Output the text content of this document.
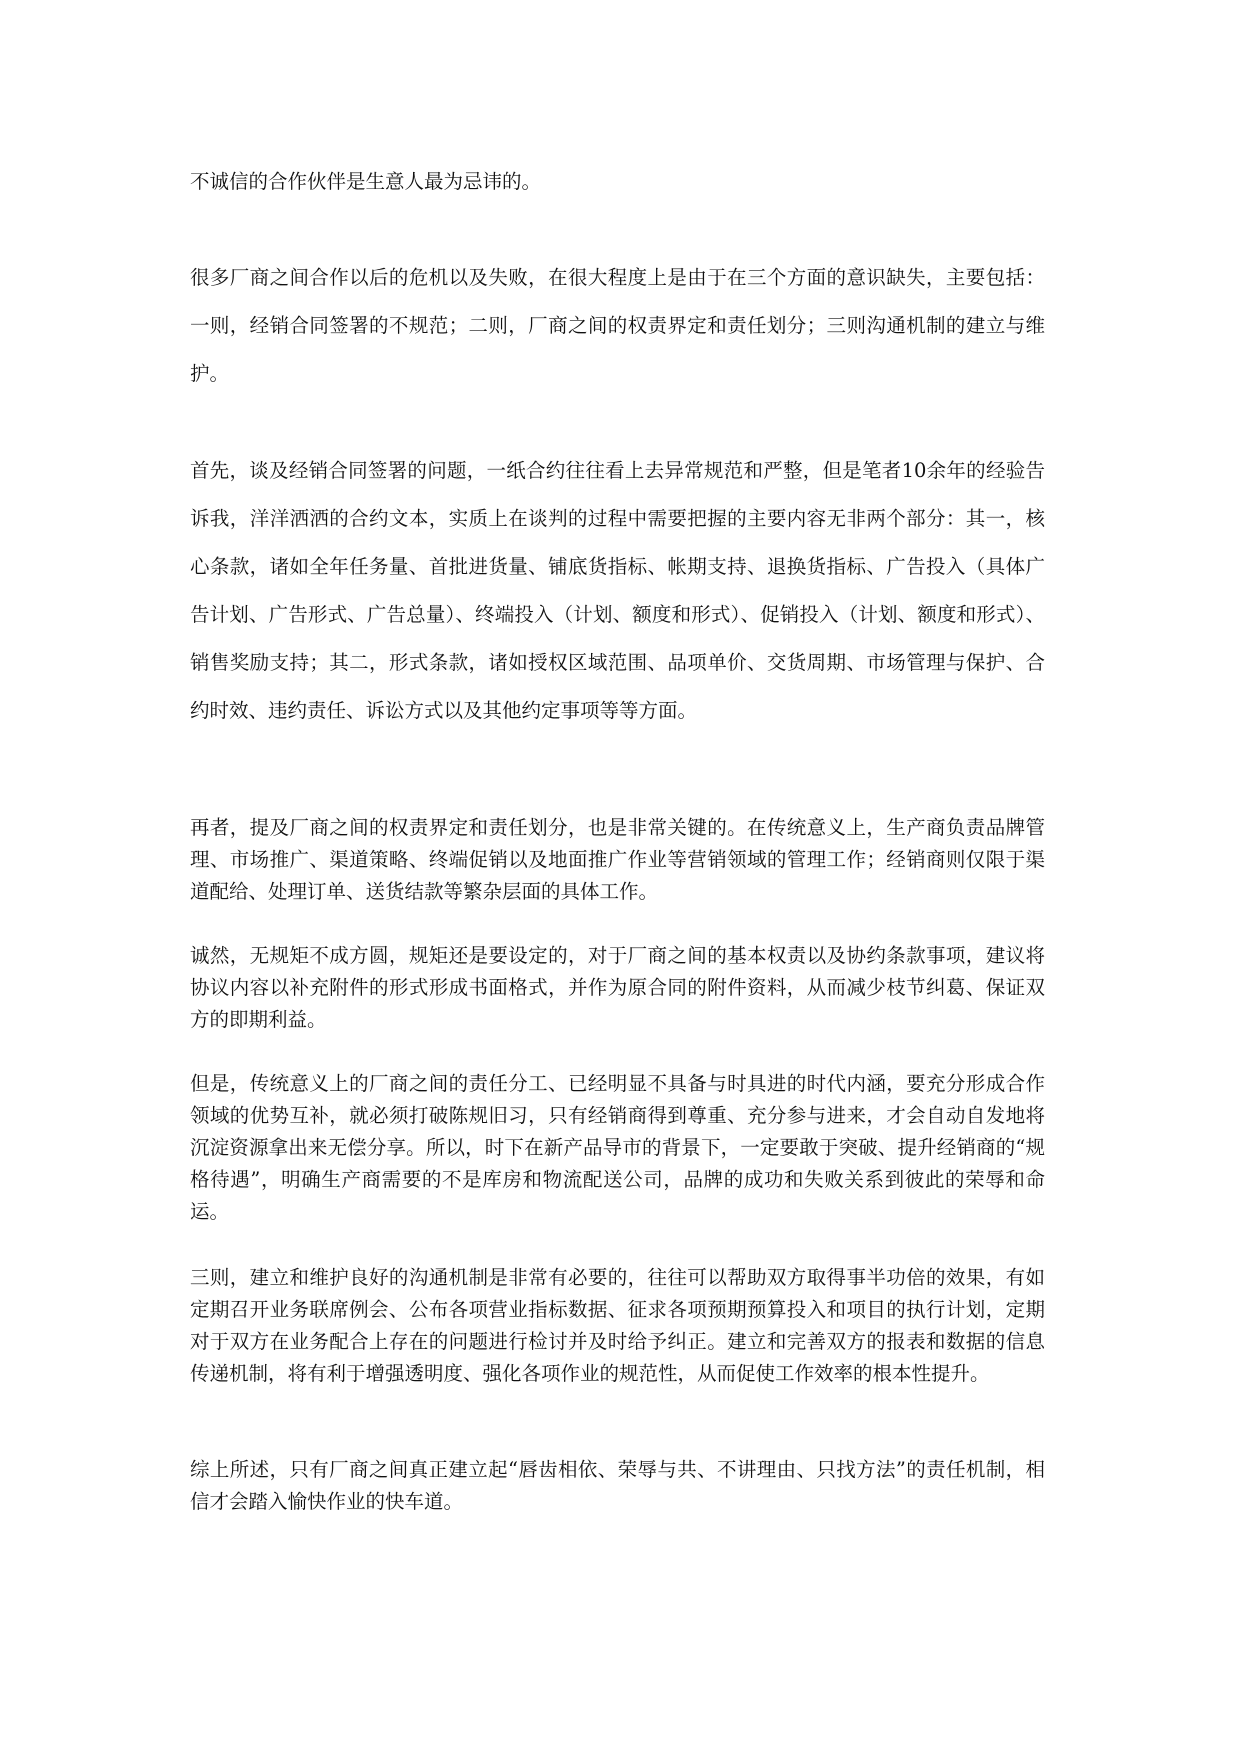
不诚信的合作伙伴是生意人最为忌讳的。

很多厂商之间合作以后的危机以及失败，在很大程度上是由于在三个方面的意识缺失，主要包括：一则，经销合同签署的不规范；二则，厂商之间的权责界定和责任划分；三则沟通机制的建立与维护。

首先，谈及经销合同签署的问题，一纸合约往往看上去异常规范和严整，但是笔者10余年的经验告诉我，洋洋洒洒的合约文本，实质上在谈判的过程中需要把握的主要内容无非两个部分：其一，核心条款，诸如全年任务量、首批进货量、铺底货指标、帐期支持、退换货指标、广告投入（具体广告计划、广告形式、广告总量）、终端投入（计划、额度和形式）、促销投入（计划、额度和形式）、销售奖励支持；其二，形式条款，诸如授权区域范围、品项单价、交货周期、市场管理与保护、合约时效、违约责任、诉讼方式以及其他约定事项等等方面。

再者，提及厂商之间的权责界定和责任划分，也是非常关键的。在传统意义上，生产商负责品牌管理、市场推广、渠道策略、终端促销以及地面推广作业等营销领域的管理工作；经销商则仅限于渠道配给、处理订单、送货结款等繁杂层面的具体工作。

诚然，无规矩不成方圆，规矩还是要设定的，对于厂商之间的基本权责以及协约条款事项，建议将协议内容以补充附件的形式形成书面格式，并作为原合同的附件资料，从而减少枝节纠葛、保证双方的即期利益。

但是，传统意义上的厂商之间的责任分工、已经明显不具备与时具进的时代内涵，要充分形成合作领域的优势互补，就必须打破陈规旧习，只有经销商得到尊重、充分参与进来，才会自动自发地将沉淀资源拿出来无偿分享。所以，时下在新产品导市的背景下，一定要敢于突破、提升经销商的“规格待遇”，明确生产商需要的不是库房和物流配送公司，品牌的成功和失败关系到彼此的荣辱和命运。

三则，建立和维护良好的沟通机制是非常有必要的，往往可以帮助双方取得事半功倍的效果，有如定期召开业务联席例会、公布各项营业指标数据、征求各项预期预算投入和项目的执行计划，定期对于双方在业务配合上存在的问题进行检讨并及时给予纠正。建立和完善双方的报表和数据的信息传递机制，将有利于增强透明度、强化各项作业的规范性，从而促使工作效率的根本性提升。

综上所述，只有厂商之间真正建立起“唇齿相依、荣辱与共、不讲理由、只找方法”的责任机制，相信才会踏入愉快作业的快车道。
